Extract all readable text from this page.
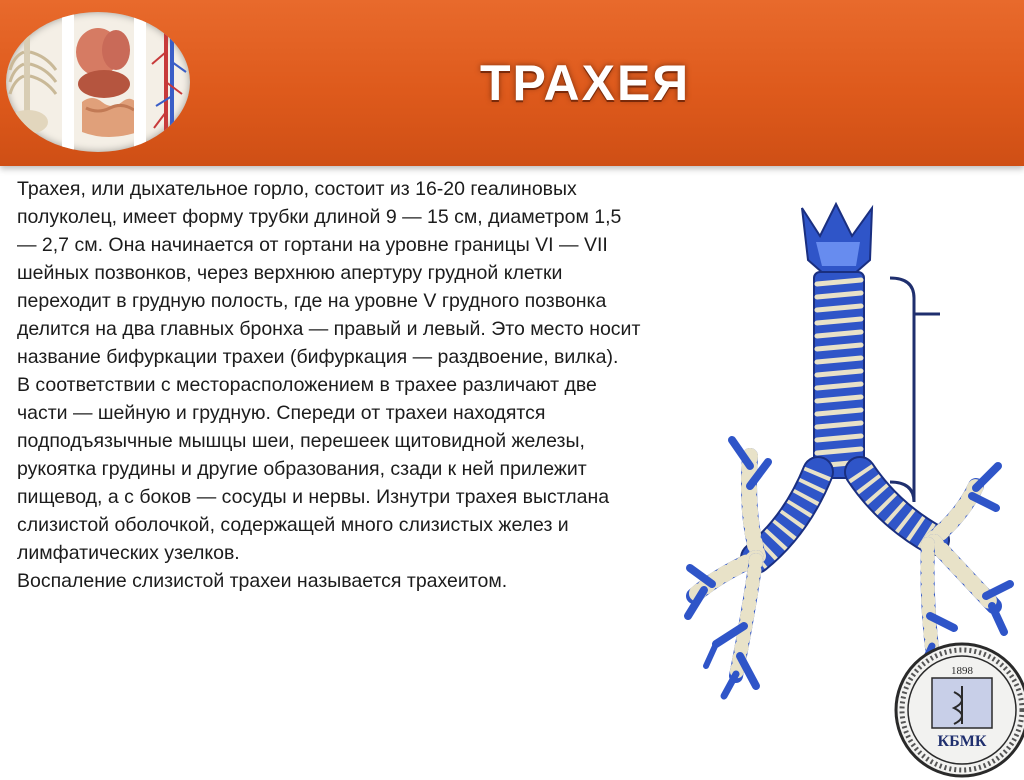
ТРАХЕЯ

Трахея, или дыхательное горло, состоит из 16-20 геалиновых полуколец, имеет форму трубки длиной 9 — 15 см, диаметром 1,5 — 2,7 см. Она начинается от гортани на уровне границы VI — VII шейных позвонков, через верхнюю апертуру грудной клетки переходит в грудную полость, где на уровне V грудного позвонка делится на два главных бронха — правый и левый. Это место носит название бифуркации трахеи (бифуркация — раздвоение, вилка).

В соответствии с месторасположением в трахее различают две части — шейную и грудную. Спереди от трахеи находятся подподъязычные мышцы шеи, перешеек щитовидной железы, рукоятка грудины и другие образования, сзади к ней прилежит пищевод, а с боков — сосуды и нервы. Изнутри трахея выстлана слизистой оболочкой, содержащей много слизистых желез и лимфатических узелков.

Воспаление слизистой трахеи называется трахеитом.

1898
КБМК
